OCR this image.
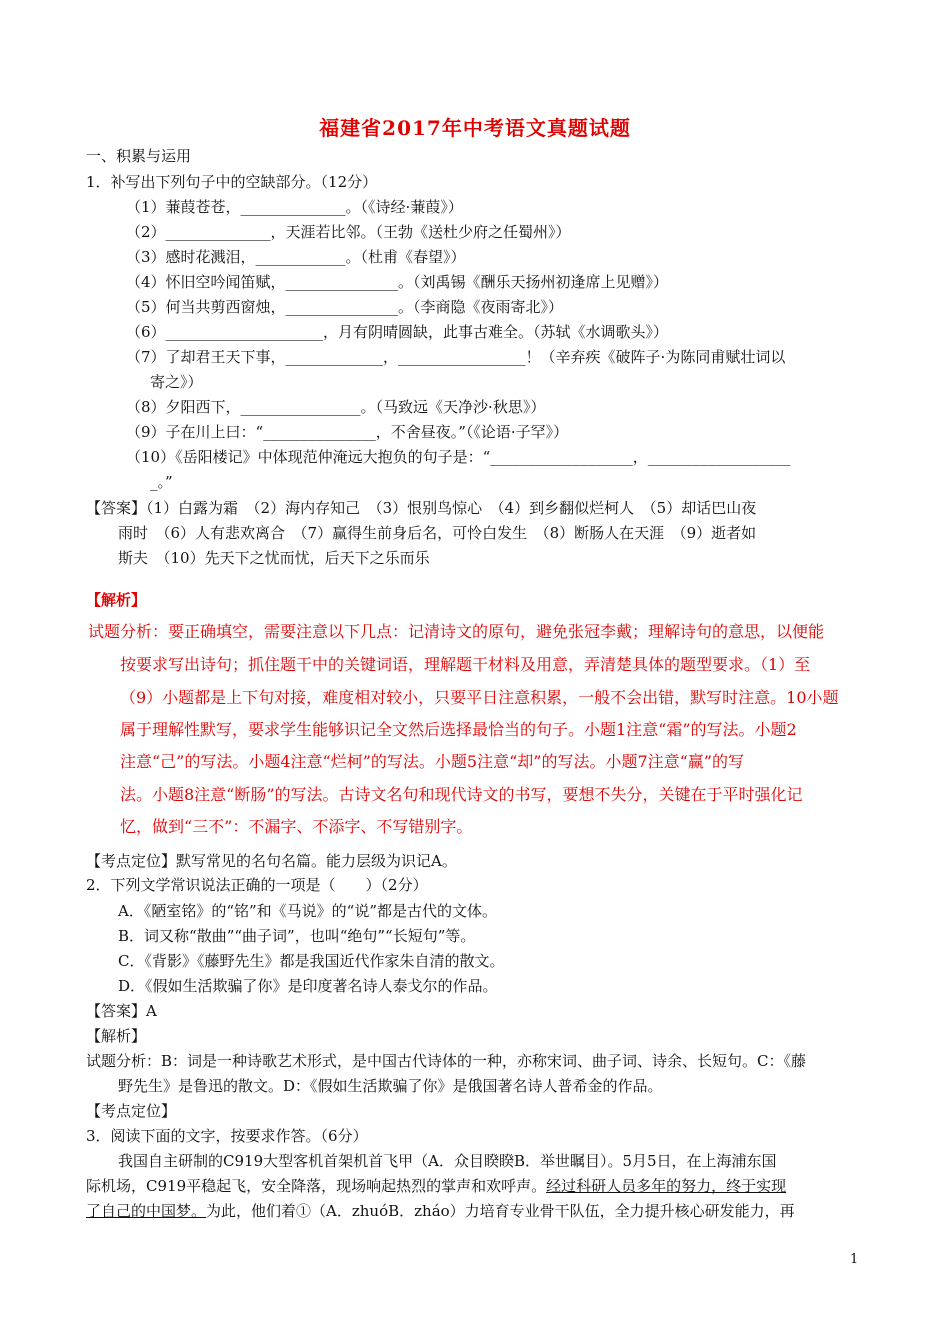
福建省2017年中考语文真题试题
一、积累与运用
1．补写出下列句子中的空缺部分。（12分）
（1）蒹葭苍苍，______________。（《诗经·蒹葭》）
（2）______________，天涯若比邻。（王勃《送杜少府之任蜀州》）
（3）感时花溅泪，____________。（杜甫《春望》）
（4）怀旧空吟闻笛赋，_______________。（刘禹锡《酬乐天扬州初逢席上见赠》）
（5）何当共剪西窗烛，_______________。（李商隐《夜雨寄北》）
（6）_____________________，月有阴晴圆缺，此事古难全。（苏轼《水调歌头》）
（7）了却君王天下事，_____________，_________________！（辛弃疾《破阵子·为陈同甫赋壮词以
寄之》）
（8）夕阳西下，________________。（马致远《天净沙·秋思》）
（9）子在川上曰：“_______________，不舍昼夜。”（《论语·子罕》）
（10）《岳阳楼记》中体现范仲淹远大抱负的句子是：“___________________，___________________
_。”
【答案】（1）白露为霜　（2）海内存知己　（3）恨别鸟惊心　（4）到乡翻似烂柯人　（5）却话巴山夜
雨时　（6）人有悲欢离合　（7）赢得生前身后名，可怜白发生　（8）断肠人在天涯　（9）逝者如
斯夫　（10）先天下之忧而忧，后天下之乐而乐
【解析】
试题分析：要正确填空，需要注意以下几点：记清诗文的原句，避免张冠李戴；理解诗句的意思，以便能
按要求写出诗句；抓住题干中的关键词语，理解题干材料及用意，弄清楚具体的题型要求。（1）至
（9）小题都是上下句对接，难度相对较小，只要平日注意积累，一般不会出错，默写时注意。10小题
属于理解性默写，要求学生能够识记全文然后选择最恰当的句子。小题1注意“霜”的写法。小题2
注意“己”的写法。小题4注意“烂柯”的写法。小题5注意“却”的写法。小题7注意“赢”的写
法。小题8注意“断肠”的写法。古诗文名句和现代诗文的书写，要想不失分，关键在于平时强化记
忆，做到“三不”：不漏字、不添字、不写错别字。
【考点定位】默写常见的名句名篇。能力层级为识记A。
2．下列文学常识说法正确的一项是（　　）（2分）
A．《陋室铭》的“铭”和《马说》的“说”都是古代的文体。
B．词又称“散曲”“曲子词”，也叫“绝句”“长短句”等。
C．《背影》《藤野先生》都是我国近代作家朱自清的散文。
D．《假如生活欺骗了你》是印度著名诗人泰戈尔的作品。
【答案】A
【解析】
试题分析：B：词是一种诗歌艺术形式，是中国古代诗体的一种，亦称宋词、曲子词、诗余、长短句。C：《藤
野先生》是鲁迅的散文。D：《假如生活欺骗了你》是俄国著名诗人普希金的作品。
【考点定位】
3．阅读下面的文字，按要求作答。（6分）
我国自主研制的C919大型客机首架机首飞甲（A．众目睽睽B．举世瞩目）。5月5日，在上海浦东国
际机场，C919平稳起飞，安全降落，现场响起热烈的掌声和欢呼声。经过科研人员多年的努力，终于实现
了自己的中国梦。为此，他们着①（A．zhuóB．zháo）力培育专业骨干队伍，全力提升核心研发能力，再
1
